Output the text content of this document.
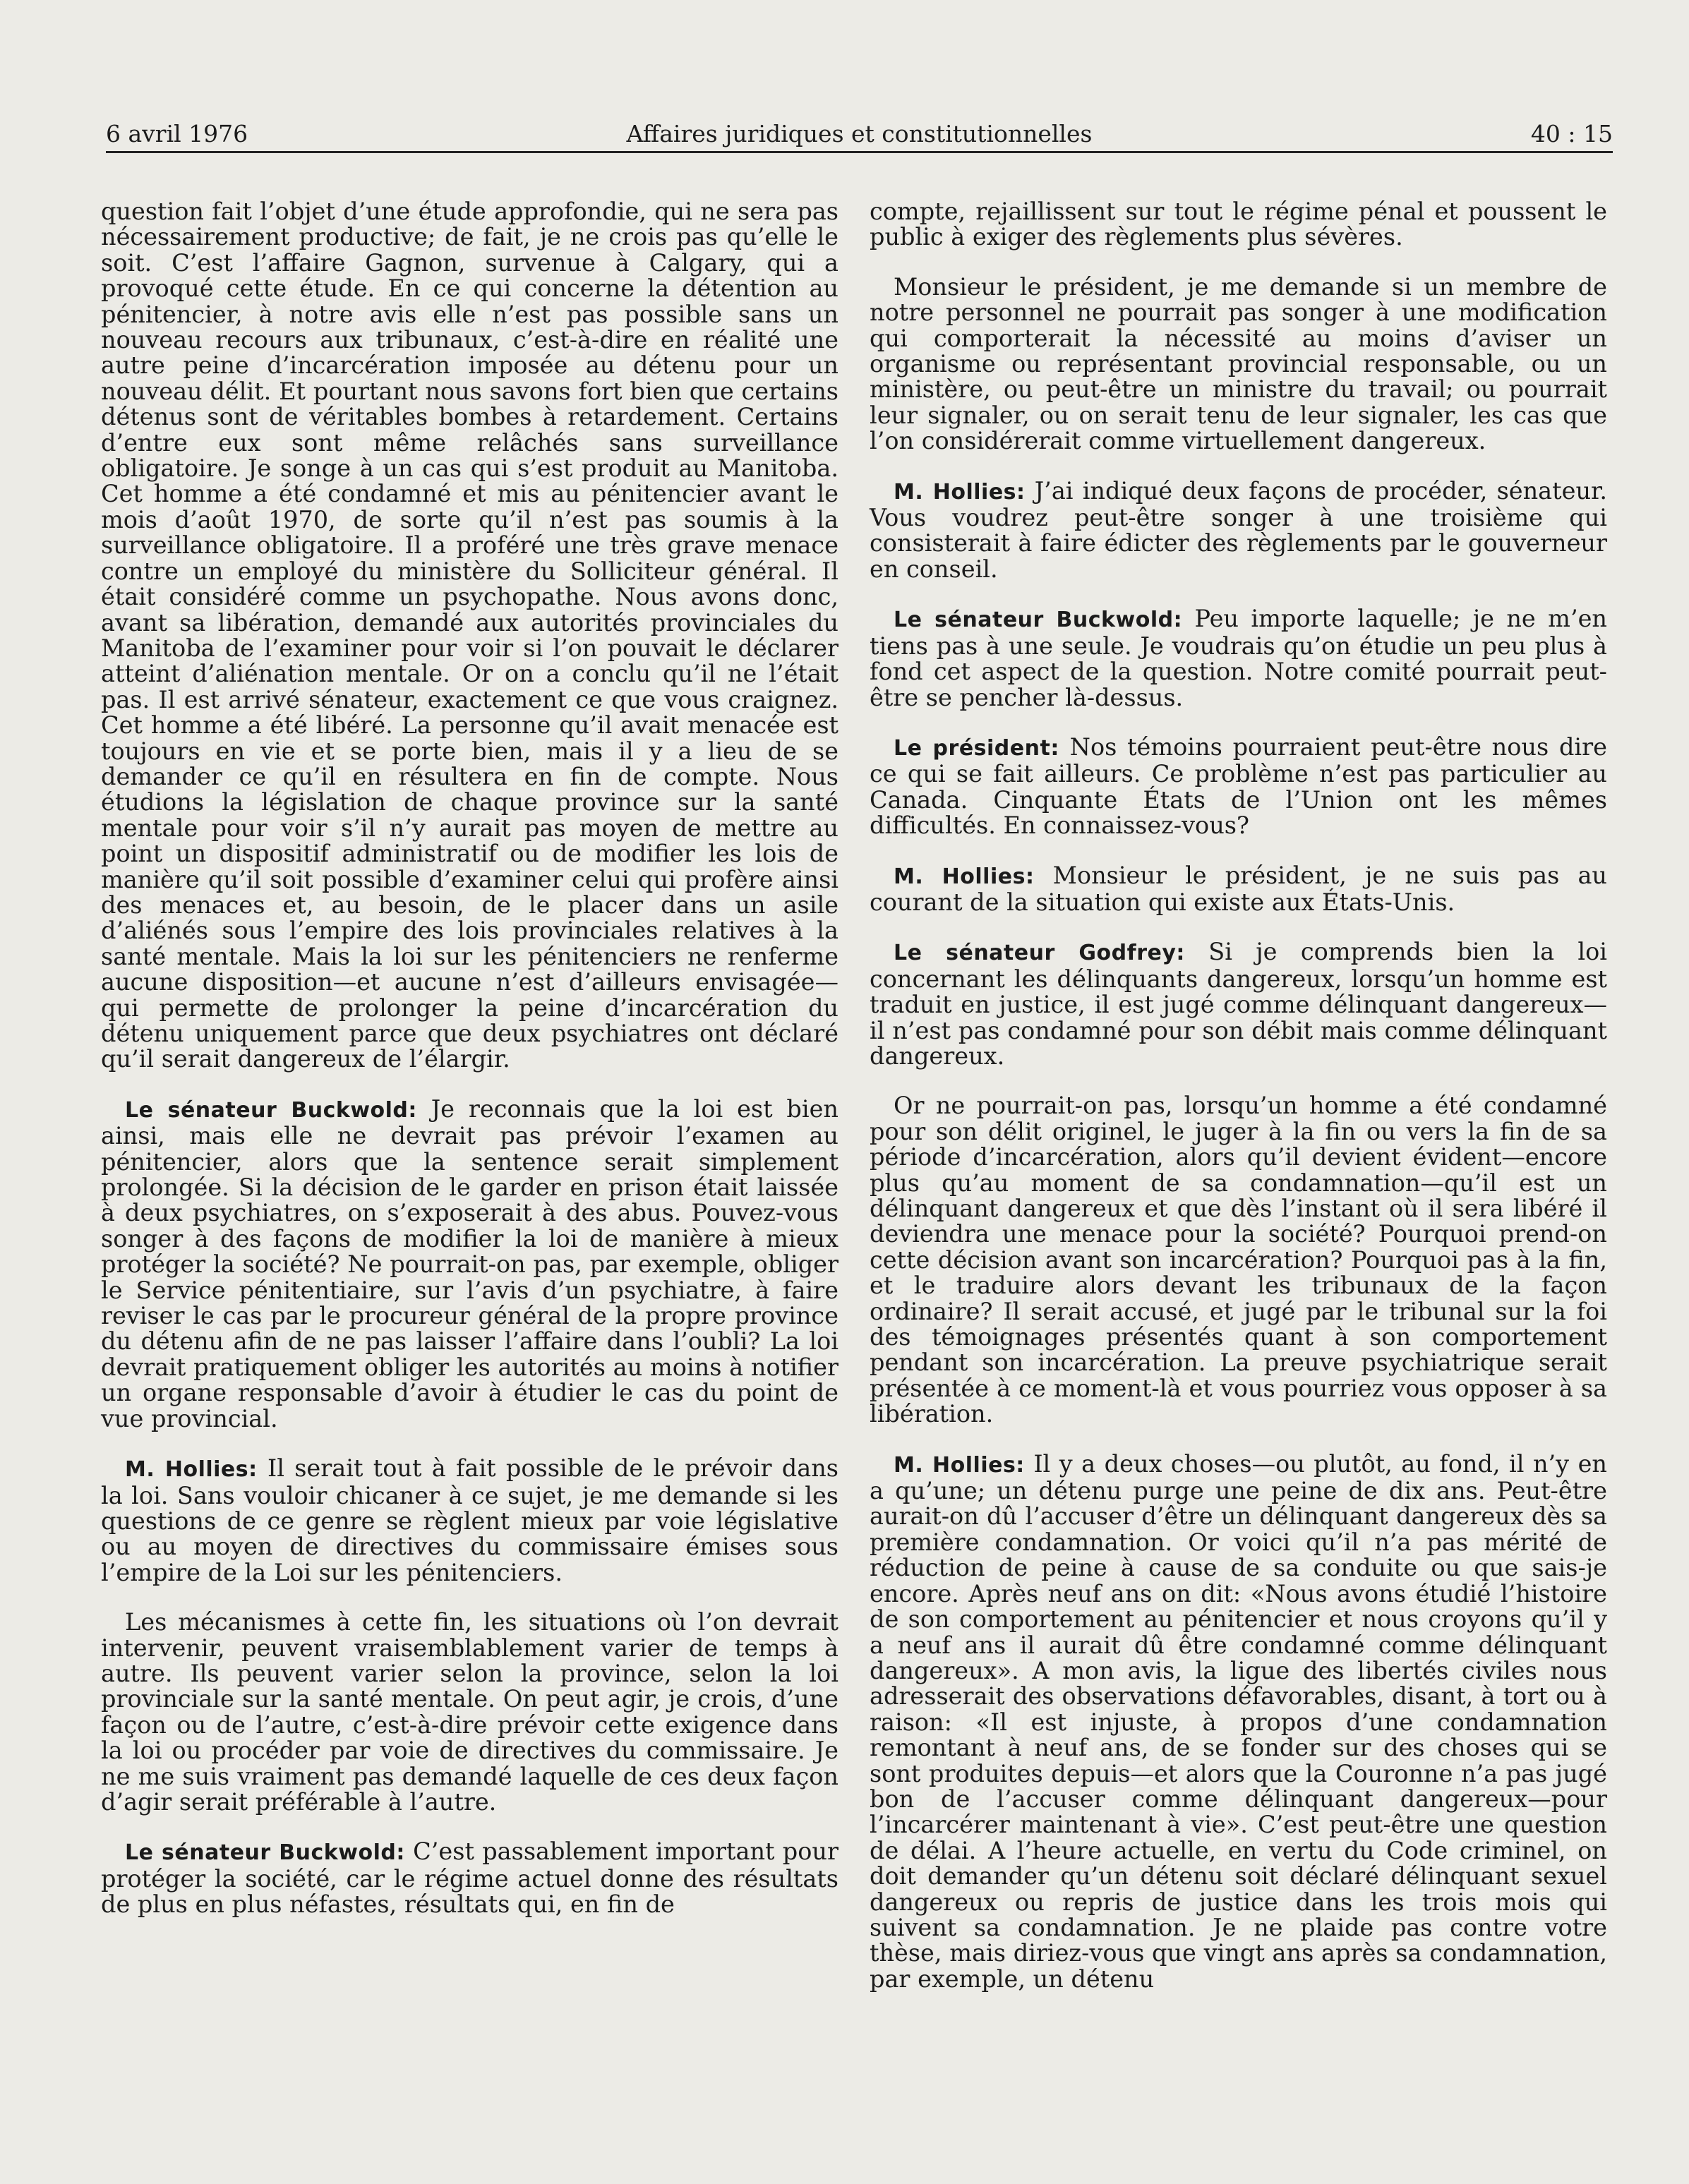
6 avril 1976	Affaires juridiques et constitutionnelles	40 : 15

question fait l’objet d’une étude approfondie, qui ne sera pas nécessairement productive; de fait, je ne crois pas qu’elle le soit. C’est l’affaire Gagnon, survenue à Calgary, qui a provoqué cette étude. En ce qui concerne la détention au pénitencier, à notre avis elle n’est pas possible sans un nouveau recours aux tribunaux, c’est-à-dire en réalité une autre peine d’incarcération imposée au détenu pour un nouveau délit. Et pourtant nous savons fort bien que certains détenus sont de véritables bombes à retardement. Certains d’entre eux sont même relâchés sans surveillance obligatoire. Je songe à un cas qui s’est produit au Manitoba. Cet homme a été condamné et mis au pénitencier avant le mois d’août 1970, de sorte qu’il n’est pas soumis à la surveillance obligatoire. Il a proféré une très grave menace contre un employé du ministère du Solliciteur général. Il était considéré comme un psychopathe. Nous avons donc, avant sa libération, demandé aux autorités provinciales du Manitoba de l’examiner pour voir si l’on pouvait le déclarer atteint d’aliénation mentale. Or on a conclu qu’il ne l’était pas. Il est arrivé sénateur, exactement ce que vous craignez. Cet homme a été libéré. La personne qu’il avait menacée est toujours en vie et se porte bien, mais il y a lieu de se demander ce qu’il en résultera en fin de compte. Nous étudions la législation de chaque province sur la santé mentale pour voir s’il n’y aurait pas moyen de mettre au point un dispositif administratif ou de modifier les lois de manière qu’il soit possible d’examiner celui qui profère ainsi des menaces et, au besoin, de le placer dans un asile d’aliénés sous l’empire des lois provinciales relatives à la santé mentale. Mais la loi sur les pénitenciers ne renferme aucune disposition—et aucune n’est d’ailleurs envisagée—qui permette de prolonger la peine d’incarcération du détenu uniquement parce que deux psychiatres ont déclaré qu’il serait dangereux de l’élargir.

Le sénateur Buckwold: Je reconnais que la loi est bien ainsi, mais elle ne devrait pas prévoir l’examen au pénitencier, alors que la sentence serait simplement prolongée. Si la décision de le garder en prison était laissée à deux psychiatres, on s’exposerait à des abus. Pouvez-vous songer à des façons de modifier la loi de manière à mieux protéger la société? Ne pourrait-on pas, par exemple, obliger le Service pénitentiaire, sur l’avis d’un psychiatre, à faire reviser le cas par le procureur général de la propre province du détenu afin de ne pas laisser l’affaire dans l’oubli? La loi devrait pratiquement obliger les autorités au moins à notifier un organe responsable d’avoir à étudier le cas du point de vue provincial.

M. Hollies: Il serait tout à fait possible de le prévoir dans la loi. Sans vouloir chicaner à ce sujet, je me demande si les questions de ce genre se règlent mieux par voie législative ou au moyen de directives du commissaire émises sous l’empire de la Loi sur les pénitenciers.

Les mécanismes à cette fin, les situations où l’on devrait intervenir, peuvent vraisemblablement varier de temps à autre. Ils peuvent varier selon la province, selon la loi provinciale sur la santé mentale. On peut agir, je crois, d’une façon ou de l’autre, c’est-à-dire prévoir cette exigence dans la loi ou procéder par voie de directives du commissaire. Je ne me suis vraiment pas demandé laquelle de ces deux façon d’agir serait préférable à l’autre.

Le sénateur Buckwold: C’est passablement important pour protéger la société, car le régime actuel donne des résultats de plus en plus néfastes, résultats qui, en fin de

compte, rejaillissent sur tout le régime pénal et poussent le public à exiger des règlements plus sévères.

Monsieur le président, je me demande si un membre de notre personnel ne pourrait pas songer à une modification qui comporterait la nécessité au moins d’aviser un organisme ou représentant provincial responsable, ou un ministère, ou peut-être un ministre du travail; ou pourrait leur signaler, ou on serait tenu de leur signaler, les cas que l’on considérerait comme virtuellement dangereux.

M. Hollies: J’ai indiqué deux façons de procéder, sénateur. Vous voudrez peut-être songer à une troisième qui consisterait à faire édicter des règlements par le gouverneur en conseil.

Le sénateur Buckwold: Peu importe laquelle; je ne m’en tiens pas à une seule. Je voudrais qu’on étudie un peu plus à fond cet aspect de la question. Notre comité pourrait peut-être se pencher là-dessus.

Le président: Nos témoins pourraient peut-être nous dire ce qui se fait ailleurs. Ce problème n’est pas particulier au Canada. Cinquante États de l’Union ont les mêmes difficultés. En connaissez-vous?

M. Hollies: Monsieur le président, je ne suis pas au courant de la situation qui existe aux États-Unis.

Le sénateur Godfrey: Si je comprends bien la loi concernant les délinquants dangereux, lorsqu’un homme est traduit en justice, il est jugé comme délinquant dangereux—il n’est pas condamné pour son débit mais comme délinquant dangereux.

Or ne pourrait-on pas, lorsqu’un homme a été condamné pour son délit originel, le juger à la fin ou vers la fin de sa période d’incarcération, alors qu’il devient évident—encore plus qu’au moment de sa condamnation—qu’il est un délinquant dangereux et que dès l’instant où il sera libéré il deviendra une menace pour la société? Pourquoi prend-on cette décision avant son incarcération? Pourquoi pas à la fin, et le traduire alors devant les tribunaux de la façon ordinaire? Il serait accusé, et jugé par le tribunal sur la foi des témoignages présentés quant à son comportement pendant son incarcération. La preuve psychiatrique serait présentée à ce moment-là et vous pourriez vous opposer à sa libération.

M. Hollies: Il y a deux choses—ou plutôt, au fond, il n’y en a qu’une; un détenu purge une peine de dix ans. Peut-être aurait-on dû l’accuser d’être un délinquant dangereux dès sa première condamnation. Or voici qu’il n’a pas mérité de réduction de peine à cause de sa conduite ou que sais-je encore. Après neuf ans on dit: «Nous avons étudié l’histoire de son comportement au pénitencier et nous croyons qu’il y a neuf ans il aurait dû être condamné comme délinquant dangereux». A mon avis, la ligue des libertés civiles nous adresserait des observations défavorables, disant, à tort ou à raison: «Il est injuste, à propos d’une condamnation remontant à neuf ans, de se fonder sur des choses qui se sont produites depuis—et alors que la Couronne n’a pas jugé bon de l’accuser comme délinquant dangereux—pour l’incarcérer maintenant à vie». C’est peut-être une question de délai. A l’heure actuelle, en vertu du Code criminel, on doit demander qu’un détenu soit déclaré délinquant sexuel dangereux ou repris de justice dans les trois mois qui suivent sa condamnation. Je ne plaide pas contre votre thèse, mais diriez-vous que vingt ans après sa condamnation, par exemple, un détenu
